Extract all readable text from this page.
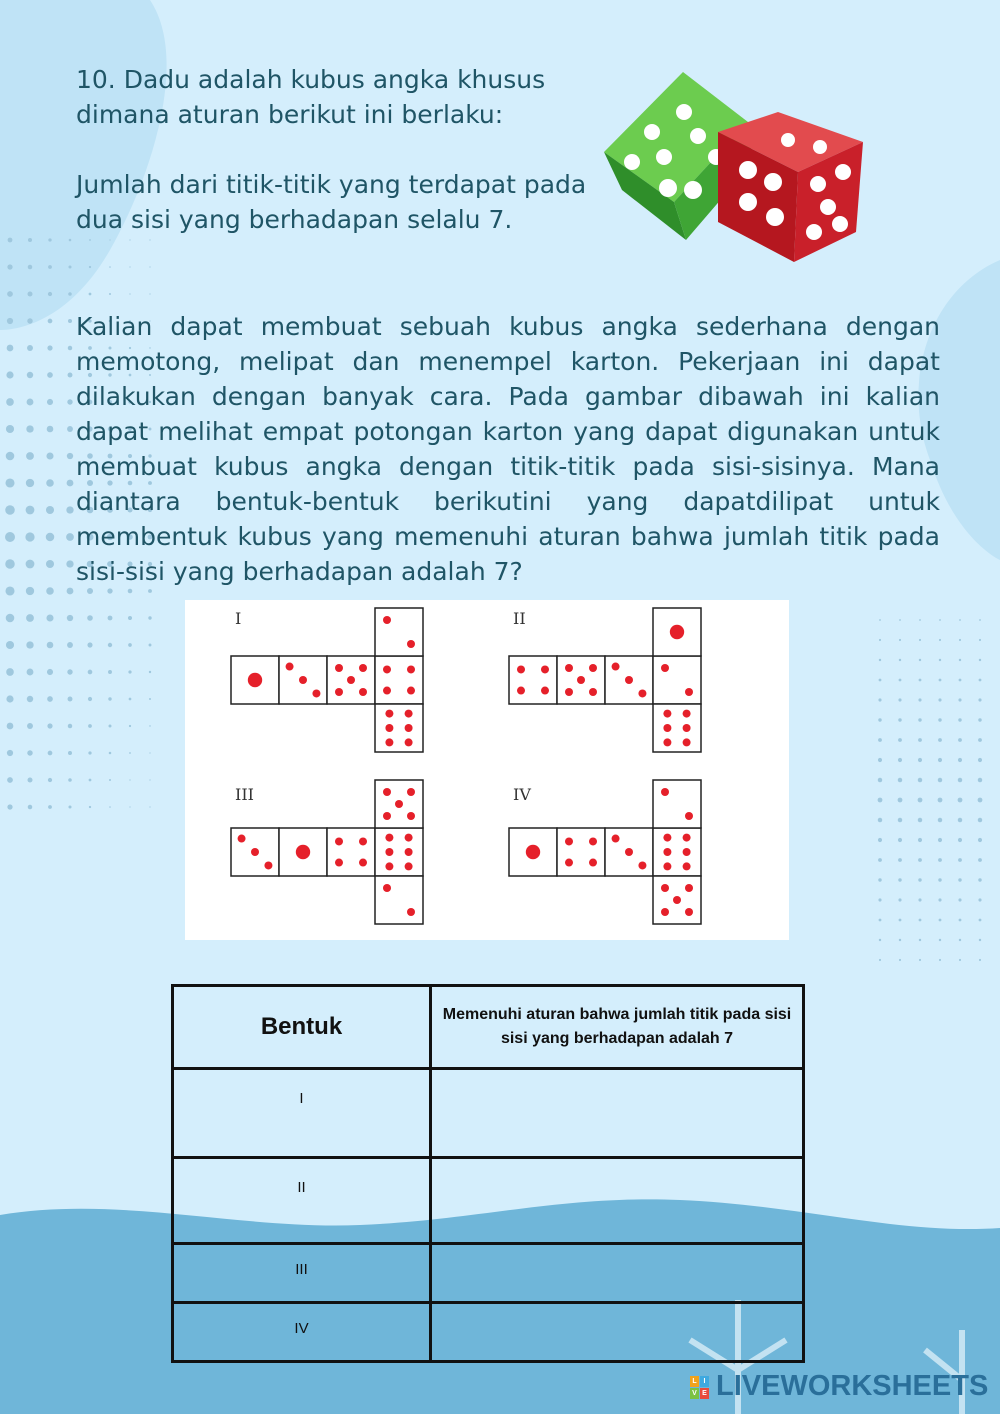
10. Dadu adalah kubus angka khusus dimana aturan berikut ini berlaku:

Jumlah dari titik-titik yang terdapat pada dua sisi yang berhadapan selalu 7.

Kalian dapat membuat sebuah kubus angka sederhana dengan memotong, melipat dan menempel karton. Pekerjaan ini dapat dilakukan dengan banyak cara. Pada gambar dibawah ini kalian dapat melihat empat potongan karton yang dapat digunakan untuk membuat kubus angka dengan titik-titik pada sisi-sisinya. Mana diantara bentuk-bentuk berikutini yang dapatdilipat untuk membentuk kubus yang memenuhi aturan bahwa jumlah titik pada sisi-sisi yang berhadapan adalah 7?
I	II
III	IV
Bentuk	Memenuhi aturan bahwa jumlah titik pada sisi sisi yang berhadapan adalah 7
I	
II	
III	
IV	
L I
V E LIVEWORKSHEETS
